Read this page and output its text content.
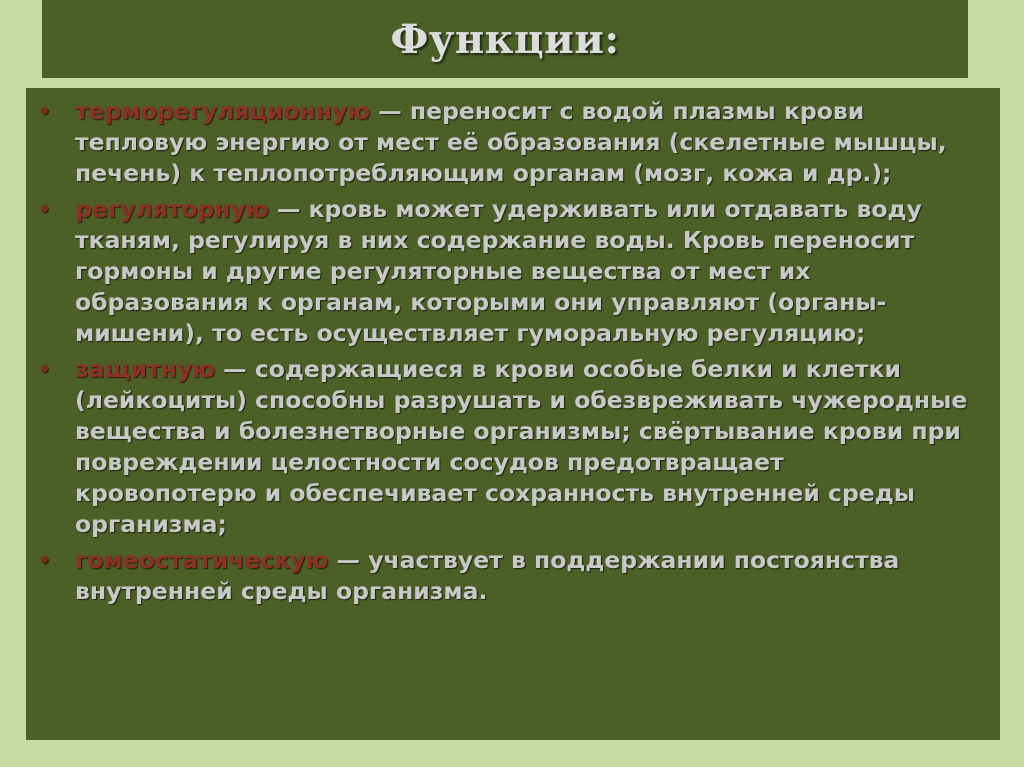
Функции:
• терморегуляционную — переносит с водой плазмы крови тепловую энергию от мест её образования (скелетные мышцы, печень) к теплопотребляющим органам (мозг, кожа и др.);
• регуляторную — кровь может удерживать или отдавать воду тканям, регулируя в них содержание воды. Кровь переносит гормоны и другие регуляторные вещества от мест их образования к органам, которыми они управляют (органы-мишени), то есть осуществляет гуморальную регуляцию;
• защитную — содержащиеся в крови особые белки и клетки (лейкоциты) способны разрушать и обезвреживать чужеродные вещества и болезнетворные организмы; свёртывание крови при повреждении целостности сосудов предотвращает кровопотерю и обеспечивает сохранность внутренней среды организма;
• гомеостатическую — участвует в поддержании постоянства внутренней среды организма.
